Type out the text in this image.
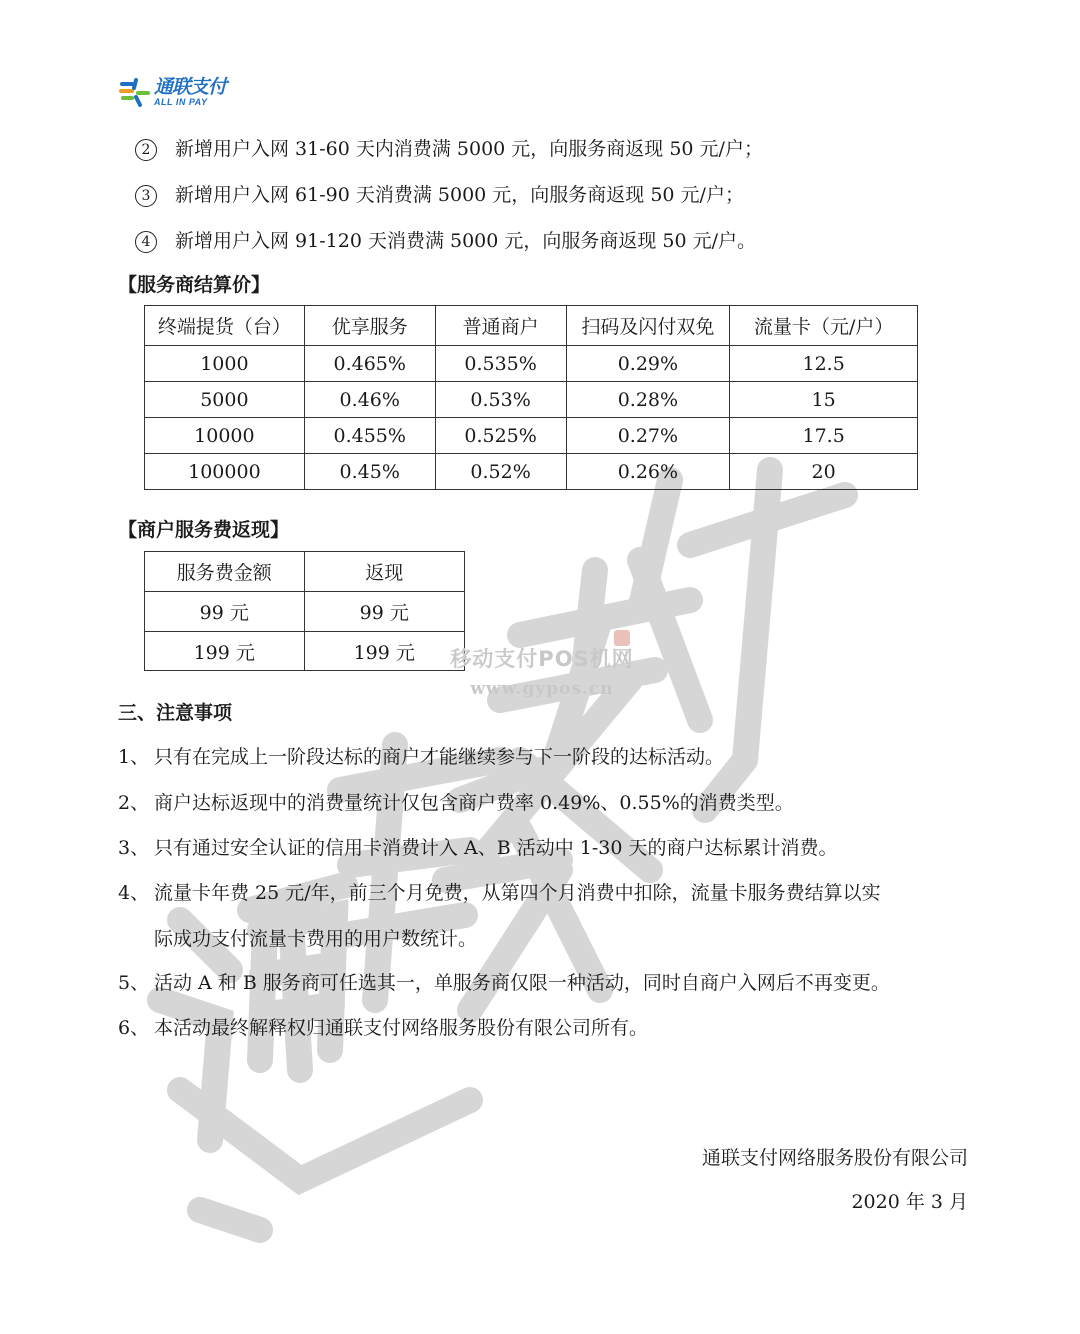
通联支付
ALL IN PAY
2 新增用户入网 31-60 天内消费满 5000 元，向服务商返现 50 元/户；
3 新增用户入网 61-90 天消费满 5000 元，向服务商返现 50 元/户；
4 新增用户入网 91-120 天消费满 5000 元，向服务商返现 50 元/户。
【服务商结算价】
终端提货（台）	优享服务	普通商户	扫码及闪付双免	流量卡（元/户）
1000	0.465%	0.535%	0.29%	12.5
5000	0.46%	0.53%	0.28%	15
10000	0.455%	0.525%	0.27%	17.5
100000	0.45%	0.52%	0.26%	20
【商户服务费返现】
服务费金额	返现
99 元	99 元
199 元	199 元	移动支付POS机网
www.gypos.cn
三、注意事项
1、 只有在完成上一阶段达标的商户才能继续参与下一阶段的达标活动。
2、 商户达标返现中的消费量统计仅包含商户费率 0.49%、0.55%的消费类型。
3、 只有通过安全认证的信用卡消费计入 A、B 活动中 1-30 天的商户达标累计消费。
4、 流量卡年费 25 元/年，前三个月免费，从第四个月消费中扣除，流量卡服务费结算以实
际成功支付流量卡费用的用户数统计。
5、 活动 A 和 B 服务商可任选其一，单服务商仅限一种活动，同时自商户入网后不再变更。
6、 本活动最终解释权归通联支付网络服务股份有限公司所有。
通联支付网络服务股份有限公司
2020 年 3 月
